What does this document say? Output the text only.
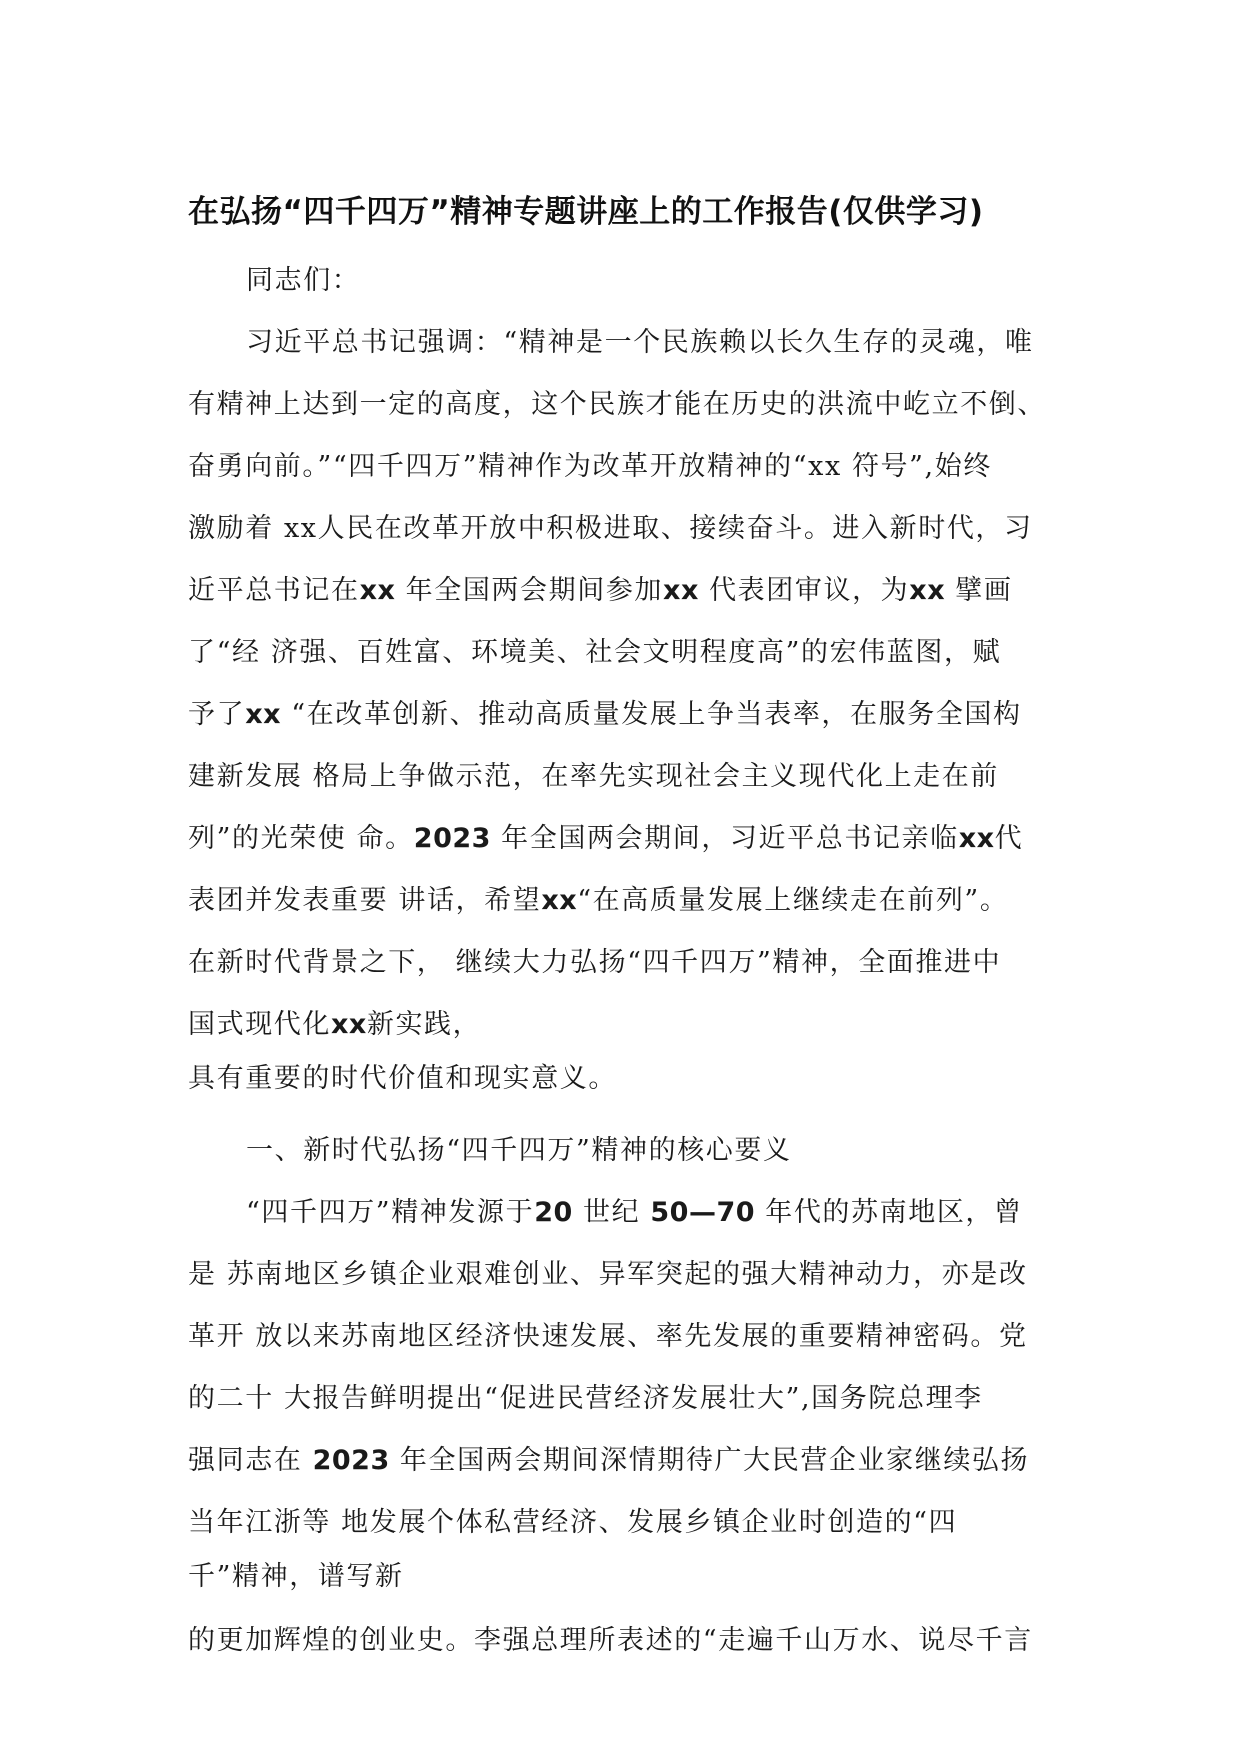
在弘扬“四千四万”精神专题讲座上的工作报告(仅供学习)
同志们：
习近平总书记强调：“精神是一个民族赖以长久生存的灵魂，唯
有精神上达到一定的高度，这个民族才能在历史的洪流中屹立不倒、
奋勇向前。”“四千四万”精神作为改革开放精神的“xx 符号”,始终
激励着 xx人民在改革开放中积极进取、接续奋斗。进入新时代，习
近平总书记在xx 年全国两会期间参加xx 代表团审议，为xx 擘画
了“经 济强、百姓富、环境美、社会文明程度高”的宏伟蓝图，赋
予了xx “在改革创新、推动高质量发展上争当表率，在服务全国构
建新发展 格局上争做示范，在率先实现社会主义现代化上走在前
列”的光荣使 命。2023 年全国两会期间，习近平总书记亲临xx代
表团并发表重要 讲话，希望xx“在高质量发展上继续走在前列”。
在新时代背景之下， 继续大力弘扬“四千四万”精神，全面推进中
国式现代化xx新实践，
具有重要的时代价值和现实意义。
一、新时代弘扬“四千四万”精神的核心要义
“四千四万”精神发源于20 世纪 50—70 年代的苏南地区，曾
是 苏南地区乡镇企业艰难创业、异军突起的强大精神动力，亦是改
革开 放以来苏南地区经济快速发展、率先发展的重要精神密码。党
的二十 大报告鲜明提出“促进民营经济发展壮大”,国务院总理李
强同志在 2023 年全国两会期间深情期待广大民营企业家继续弘扬
当年江浙等 地发展个体私营经济、发展乡镇企业时创造的“四
千”精神，谱写新
的更加辉煌的创业史。李强总理所表述的“走遍千山万水、说尽千言
